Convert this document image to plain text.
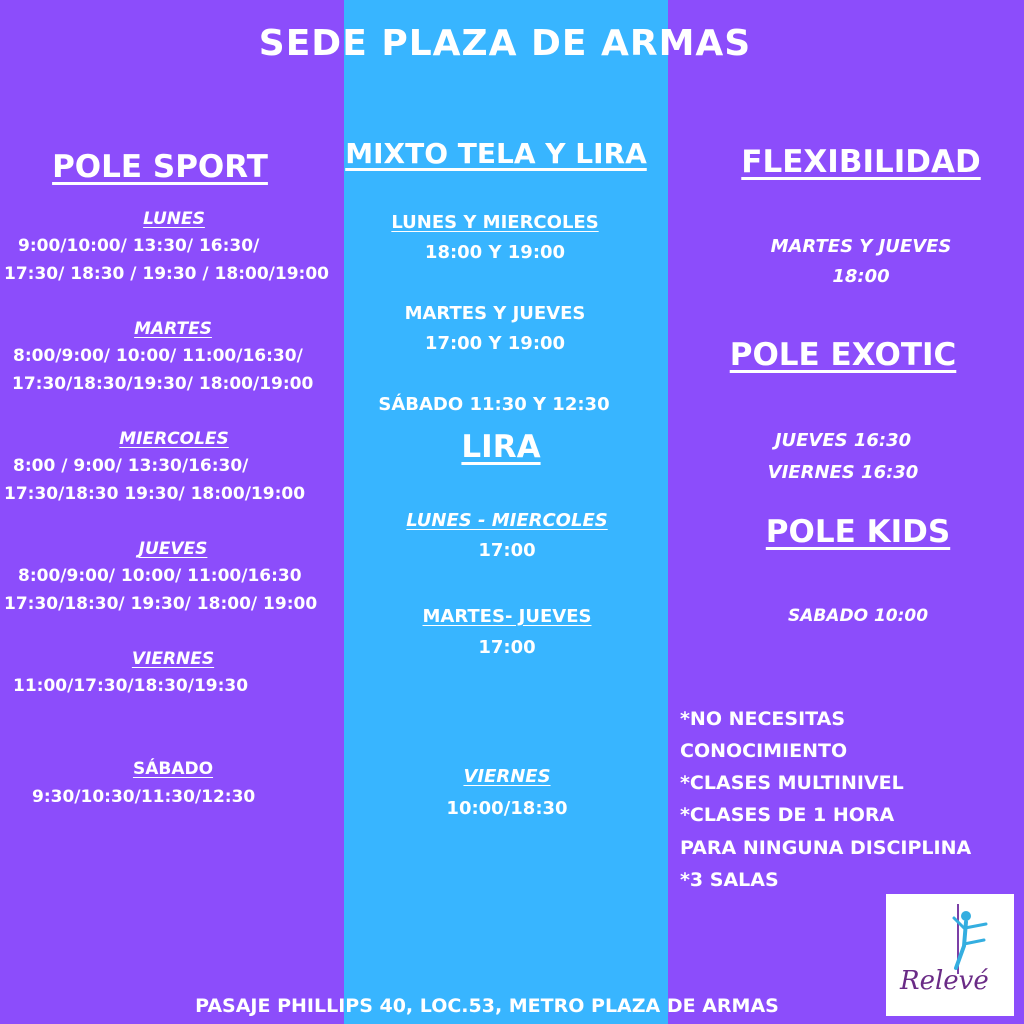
SEDE PLAZA DE ARMAS
POLE SPORT
LUNES
9:00/10:00/ 13:30/ 16:30/
17:30/ 18:30 / 19:30 / 18:00/19:00
MARTES
8:00/9:00/ 10:00/ 11:00/16:30/
17:30/18:30/19:30/ 18:00/19:00
MIERCOLES
8:00 / 9:00/ 13:30/16:30/
17:30/18:30 19:30/ 18:00/19:00
JUEVES
8:00/9:00/ 10:00/ 11:00/16:30
17:30/18:30/ 19:30/ 18:00/ 19:00
VIERNES
11:00/17:30/18:30/19:30
SÁBADO
9:30/10:30/11:30/12:30
MIXTO TELA Y LIRA
LUNES Y MIERCOLES
18:00 Y 19:00
MARTES Y JUEVES
17:00 Y 19:00
SÁBADO 11:30 Y 12:30
LIRA
LUNES - MIERCOLES
17:00
MARTES- JUEVES
17:00
VIERNES
10:00/18:30
FLEXIBILIDAD
MARTES Y JUEVES
18:00
POLE EXOTIC
JUEVES 16:30
VIERNES 16:30
POLE KIDS
SABADO 10:00
*NO NECESITAS
CONOCIMIENTO
*CLASES MULTINIVEL
*CLASES DE 1 HORA
PARA NINGUNA DISCIPLINA
*3 SALAS
PASAJE PHILLIPS 40, LOC.53, METRO PLAZA DE ARMAS
Relevé
